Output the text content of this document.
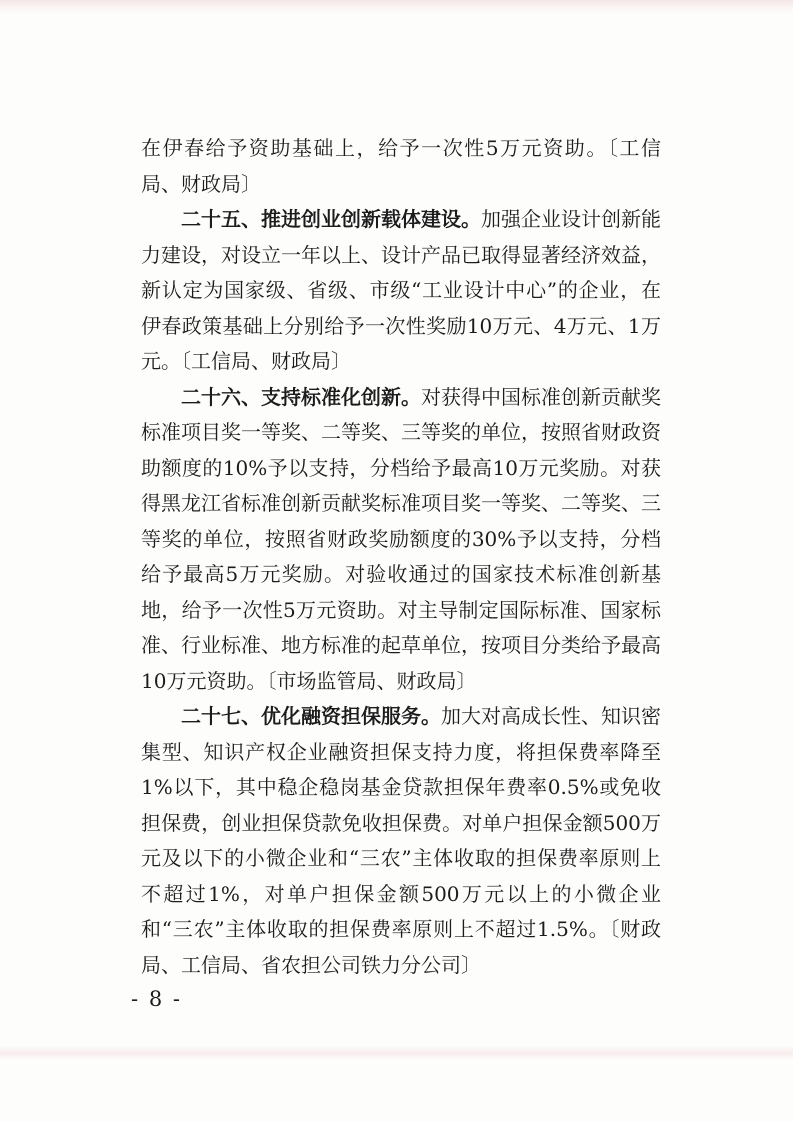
在伊春给予资助基础上，给予一次性5万元资助。〔工信局、财政局〕

二十五、推进创业创新载体建设。加强企业设计创新能力建设，对设立一年以上、设计产品已取得显著经济效益，新认定为国家级、省级、市级“工业设计中心”的企业，在伊春政策基础上分别给予一次性奖励10万元、4万元、1万元。〔工信局、财政局〕

二十六、支持标准化创新。对获得中国标准创新贡献奖标准项目奖一等奖、二等奖、三等奖的单位，按照省财政资助额度的10%予以支持，分档给予最高10万元奖励。对获得黑龙江省标准创新贡献奖标准项目奖一等奖、二等奖、三等奖的单位，按照省财政奖励额度的30%予以支持，分档给予最高5万元奖励。对验收通过的国家技术标准创新基地，给予一次性5万元资助。对主导制定国际标准、国家标准、行业标准、地方标准的起草单位，按项目分类给予最高10万元资助。〔市场监管局、财政局〕

二十七、优化融资担保服务。加大对高成长性、知识密集型、知识产权企业融资担保支持力度，将担保费率降至1%以下，其中稳企稳岗基金贷款担保年费率0.5%或免收担保费，创业担保贷款免收担保费。对单户担保金额500万元及以下的小微企业和“三农”主体收取的担保费率原则上不超过1%，对单户担保金额500万元以上的小微企业和“三农”主体收取的担保费率原则上不超过1.5%。〔财政局、工信局、省农担公司铁力分公司〕

- 8 -
